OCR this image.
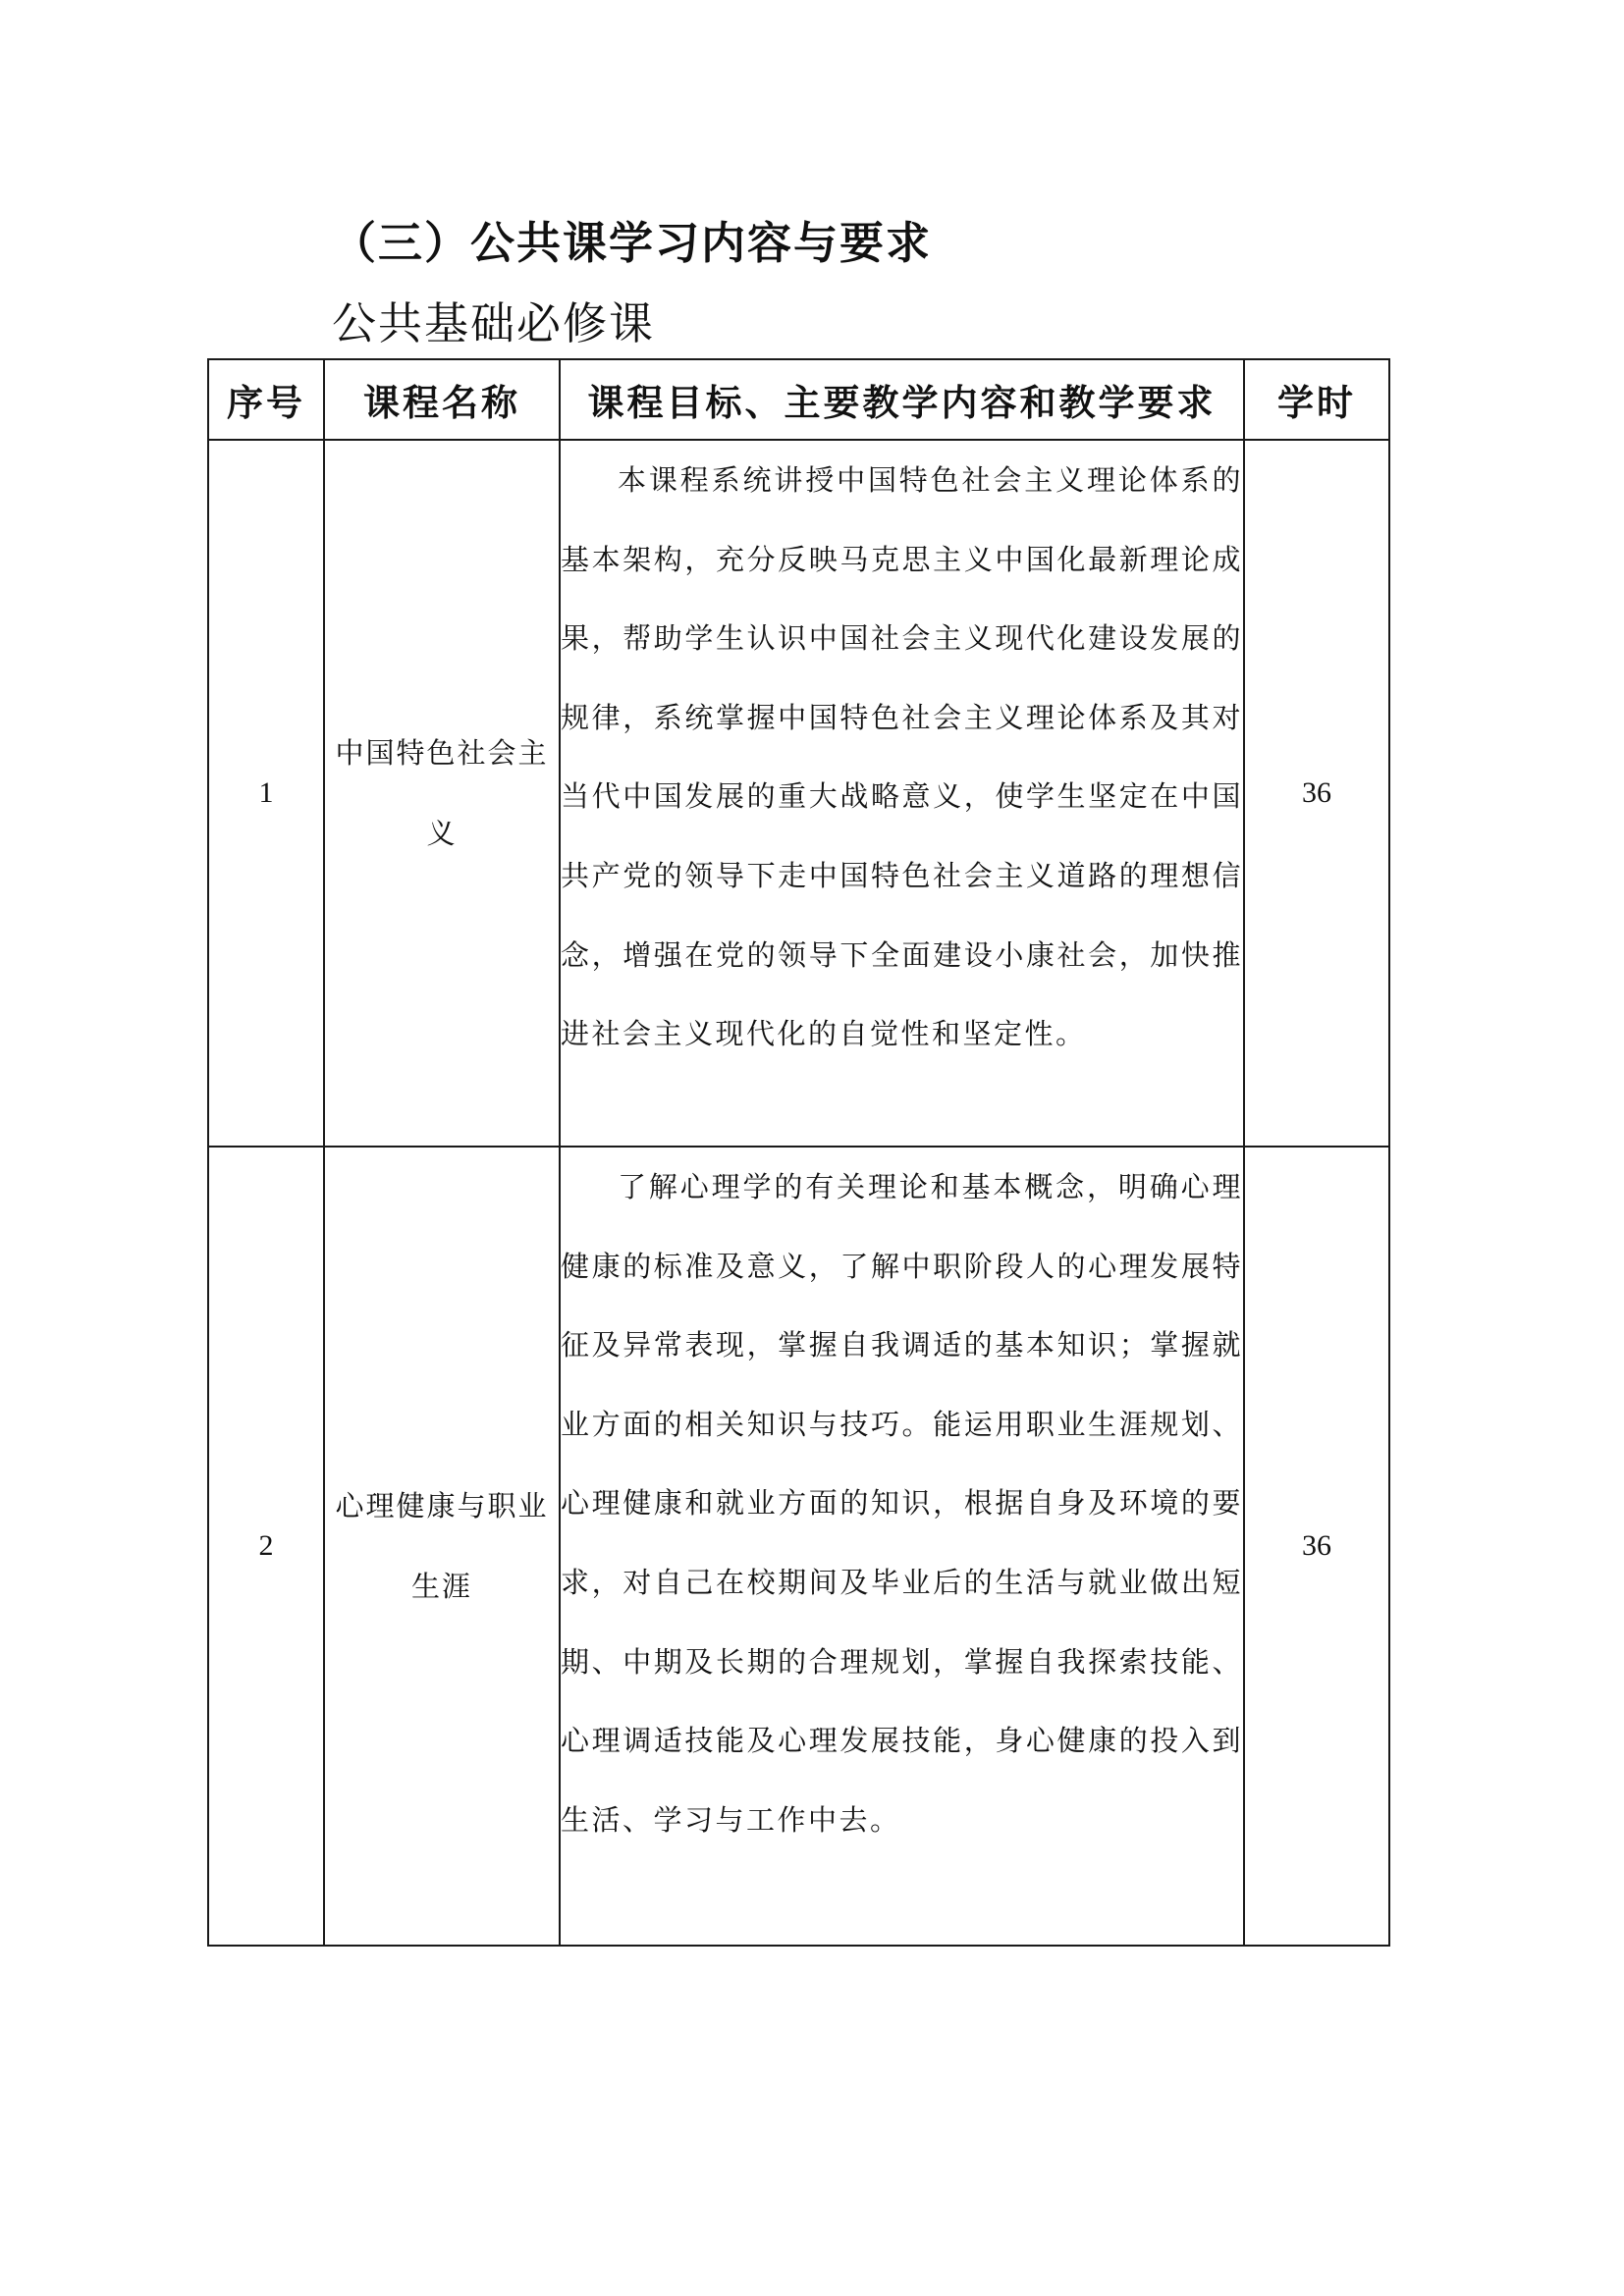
（三）公共课学习内容与要求
公共基础必修课
序号	课程名称	课程目标、主要教学内容和教学要求	学时
1	中国特色社会主义	本课程系统讲授中国特色社会主义理论体系的基本架构，充分反映马克思主义中国化最新理论成果，帮助学生认识中国社会主义现代化建设发展的规律，系统掌握中国特色社会主义理论体系及其对当代中国发展的重大战略意义，使学生坚定在中国共产党的领导下走中国特色社会主义道路的理想信念，增强在党的领导下全面建设小康社会，加快推进社会主义现代化的自觉性和坚定性。	36
2	心理健康与职业生涯	了解心理学的有关理论和基本概念，明确心理健康的标准及意义，了解中职阶段人的心理发展特征及异常表现，掌握自我调适的基本知识；掌握就业方面的相关知识与技巧。能运用职业生涯规划、心理健康和就业方面的知识，根据自身及环境的要求，对自己在校期间及毕业后的生活与就业做出短期、中期及长期的合理规划，掌握自我探索技能、心理调适技能及心理发展技能，身心健康的投入到生活、学习与工作中去。	36
